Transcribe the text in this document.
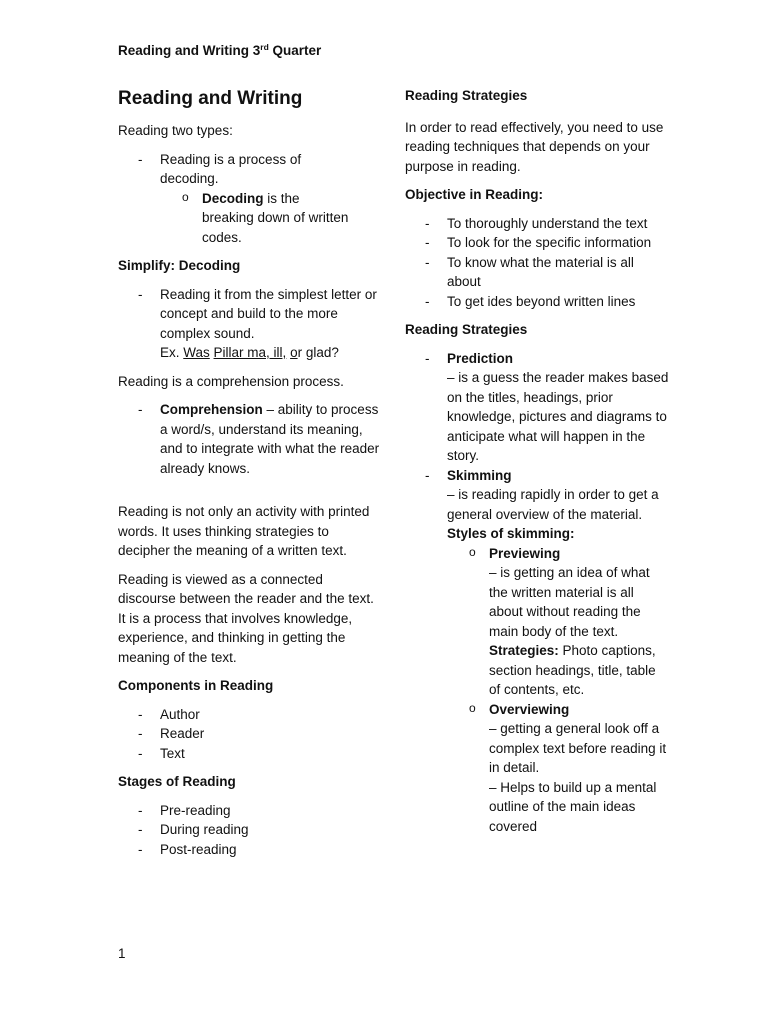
Reading and Writing 3rd Quarter
Reading and Writing

Reading two types:

- Reading is a process of
decoding.
o Decoding is the
breaking down of written
codes.
Simplify: Decoding
- Reading it from the simplest letter or concept and build to the more complex sound.
Ex. Was Pillar ma, ill, or glad?

Reading is a comprehension process.

- Comprehension – ability to process a word/s, understand its meaning, and to integrate with what the reader already knows.

Reading is not only an activity with printed words. It uses thinking strategies to decipher the meaning of a written text.

Reading is viewed as a connected discourse between the reader and the text. It is a process that involves knowledge, experience, and thinking in getting the meaning of the text.

Components in Reading
- Author
- Reader
- Text
Stages of Reading
- Pre-reading
- During reading
- Post-reading
Reading Strategies

In order to read effectively, you need to use reading techniques that depends on your purpose in reading.

Objective in Reading:
- To thoroughly understand the text
- To look for the specific information
- To know what the material is all about
- To get ides beyond written lines
Reading Strategies
- Prediction
– is a guess the reader makes based on the titles, headings, prior knowledge, pictures and diagrams to anticipate what will happen in the story.
- Skimming
– is reading rapidly in order to get a general overview of the material.
Styles of skimming:
o Previewing
– is getting an idea of what the written material is all about without reading the main body of the text.
Strategies: Photo captions, section headings, title, table of contents, etc.
o Overviewing
– getting a general look off a complex text before reading it in detail.
– Helps to build up a mental outline of the main ideas covered
1
